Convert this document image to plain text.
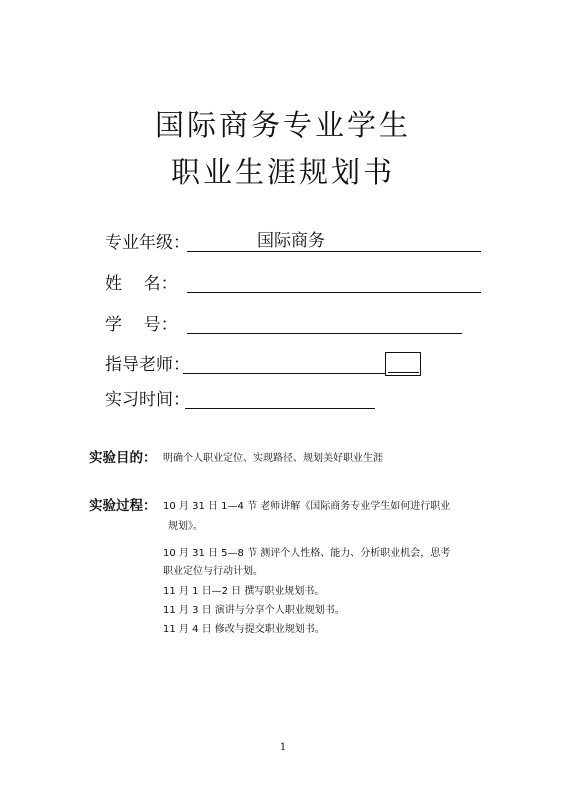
国际商务专业学生
职业生涯规划书
专业年级：	国际商务
姓    名：
学    号：
指导老师：
实习时间：
实验目的： 明确个人职业定位、实现路径、规划美好职业生涯
实验过程： 10 月 31 日 1—4 节 老师讲解《国际商务专业学生如何进行职业
规划》。
10 月 31 日 5—8 节 测评个人性格、能力、分析职业机会，思考
职业定位与行动计划。
11 月 1 日—2 日 撰写职业规划书。
11 月 3 日 演讲与分享个人职业规划书。
11 月 4 日 修改与提交职业规划书。
1
